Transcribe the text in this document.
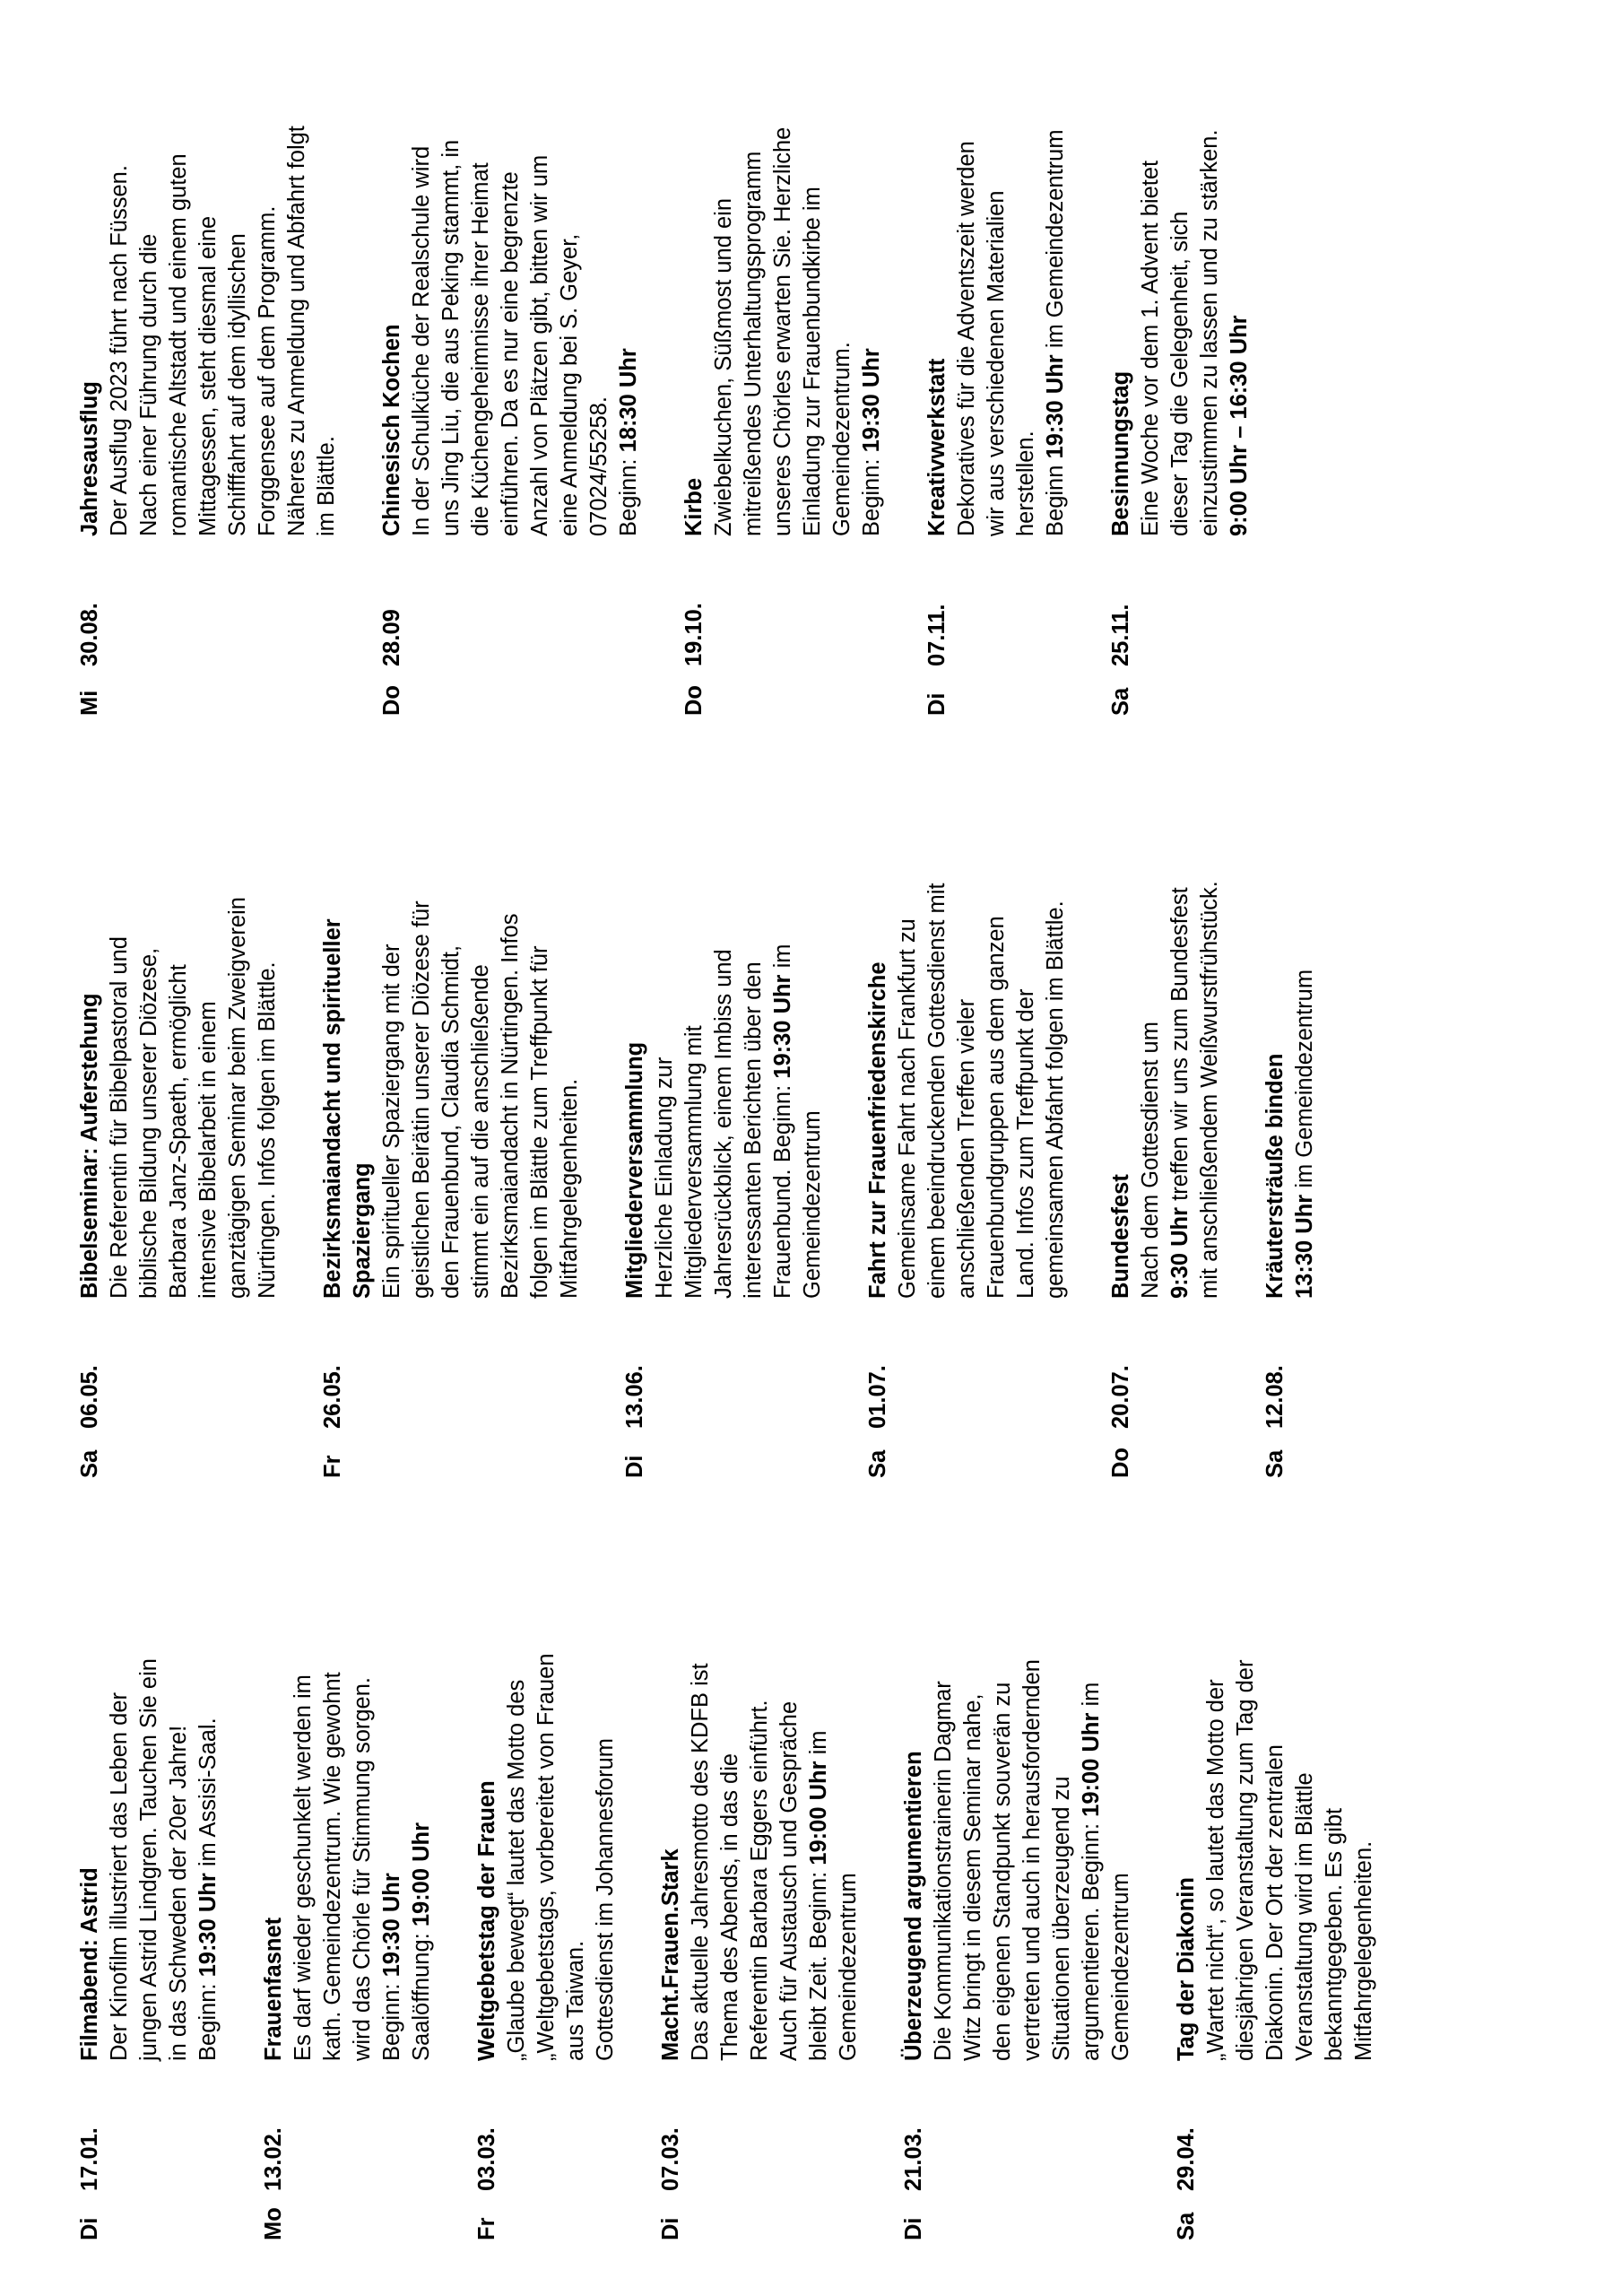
Di
17.01.
Filmabend: Astrid Der Kinofilm illustriert das Leben der
jungen Astrid Lindgren. Tauchen Sie ein
in das Schweden der 20er Jahre!
Beginn: 19:30 Uhr im Assisi-Saal.
Mo
13.02.
Frauenfasnet Es darf wieder geschunkelt werden im
kath. Gemeindezentrum. Wie gewohnt
wird das Chörle für Stimmung sorgen.
Beginn: 19:30 Uhr
Saalöffnung: 19:00 Uhr
Fr
03.03.
Weltgebetstag der Frauen „Glaube bewegt“ lautet das Motto des
„Weltgebetstags, vorbereitet von Frauen
aus Taiwan.
Gottesdienst im Johannesforum
Di
07.03.
Macht.Frauen.Stark Das aktuelle Jahresmotto des KDFB ist
Thema des Abends, in das die
Referentin Barbara Eggers einführt.
Auch für Austausch und Gespräche
bleibt Zeit. Beginn: 19:00 Uhr im
Gemeindezentrum
Di
21.03.
Überzeugend argumentieren Die Kommunikationstrainerin Dagmar
Witz bringt in diesem Seminar nahe,
den eigenen Standpunkt souverän zu
vertreten und auch in herausfordernden
Situationen überzeugend zu
argumentieren. Beginn: 19:00 Uhr im
Gemeindezentrum
Sa
29.04.
Tag der Diakonin „Wartet nicht“, so lautet das Motto der
diesjährigen Veranstaltung zum Tag der
Diakonin. Der Ort der zentralen
Veranstaltung wird im Blättle
bekanntgegeben. Es gibt
Mitfahrgelegenheiten.
Sa
06.05.
Bibelseminar: Auferstehung Die Referentin für Bibelpastoral und
biblische Bildung unserer Diözese,
Barbara Janz-Spaeth, ermöglicht
intensive Bibelarbeit in einem
ganztägigen Seminar beim Zweigverein
Nürtingen. Infos folgen im Blättle.
Fr
26.05.
Bezirksmaiandacht und spiritueller
Spaziergang Ein spiritueller Spaziergang mit der
geistlichen Beirätin unserer Diözese für
den Frauenbund, Claudia Schmidt,
stimmt ein auf die anschließende
Bezirksmaiandacht in Nürtingen. Infos
folgen im Blättle zum Treffpunkt für
Mitfahrgelegenheiten.
Di
13.06.
Mitgliederversammlung Herzliche Einladung zur
Mitgliederversammlung mit
Jahresrückblick, einem Imbiss und
interessanten Berichten über den
Frauenbund. Beginn: 19:30 Uhr im
Gemeindezentrum
Sa
01.07.
Fahrt zur Frauenfriedenskirche Gemeinsame Fahrt nach Frankfurt zu
einem beeindruckenden Gottesdienst mit
anschließenden Treffen vieler
Frauenbundgruppen aus dem ganzen
Land. Infos zum Treffpunkt der
gemeinsamen Abfahrt folgen im Blättle.
Do
20.07.
Bundesfest Nach dem Gottesdienst um 9:30 Uhr treffen wir uns zum Bundesfest mit anschließendem Weißwurstfrühstück.
Sa
12.08.
Kräutersträuße binden 13:30 Uhr im Gemeindezentrum
Mi
30.08.
Jahresausflug Der Ausflug 2023 führt nach Füssen.
Nach einer Führung durch die
romantische Altstadt und einem guten
Mittagessen, steht diesmal eine
Schifffahrt auf dem idyllischen
Forggensee auf dem Programm.
Näheres zu Anmeldung und Abfahrt folgt
im Blättle.
Do
28.09
Chinesisch Kochen In der Schulküche der Realschule wird
uns Jing Liu, die aus Peking stammt, in
die Küchengeheimnisse ihrer Heimat
einführen. Da es nur eine begrenzte
Anzahl von Plätzen gibt, bitten wir um
eine Anmeldung bei S. Geyer,
07024/55258. Beginn: 18:30 Uhr
Do
19.10.
Kirbe Zwiebelkuchen, Süßmost und ein
mitreißendes Unterhaltungsprogramm
unseres Chörles erwarten Sie. Herzliche
Einladung zur Frauenbundkirbe im
Gemeindezentrum. Beginn: 19:30 Uhr
Di
07.11.
Kreativwerkstatt Dekoratives für die Adventszeit werden
wir aus verschiedenen Materialien
herstellen. Beginn 19:30 Uhr im Gemeindezentrum
Sa
25.11.
Besinnungstag Eine Woche vor dem 1. Advent bietet
dieser Tag die Gelegenheit, sich
einzustimmen zu lassen und zu stärken.
9:00 Uhr – 16:30 Uhr
